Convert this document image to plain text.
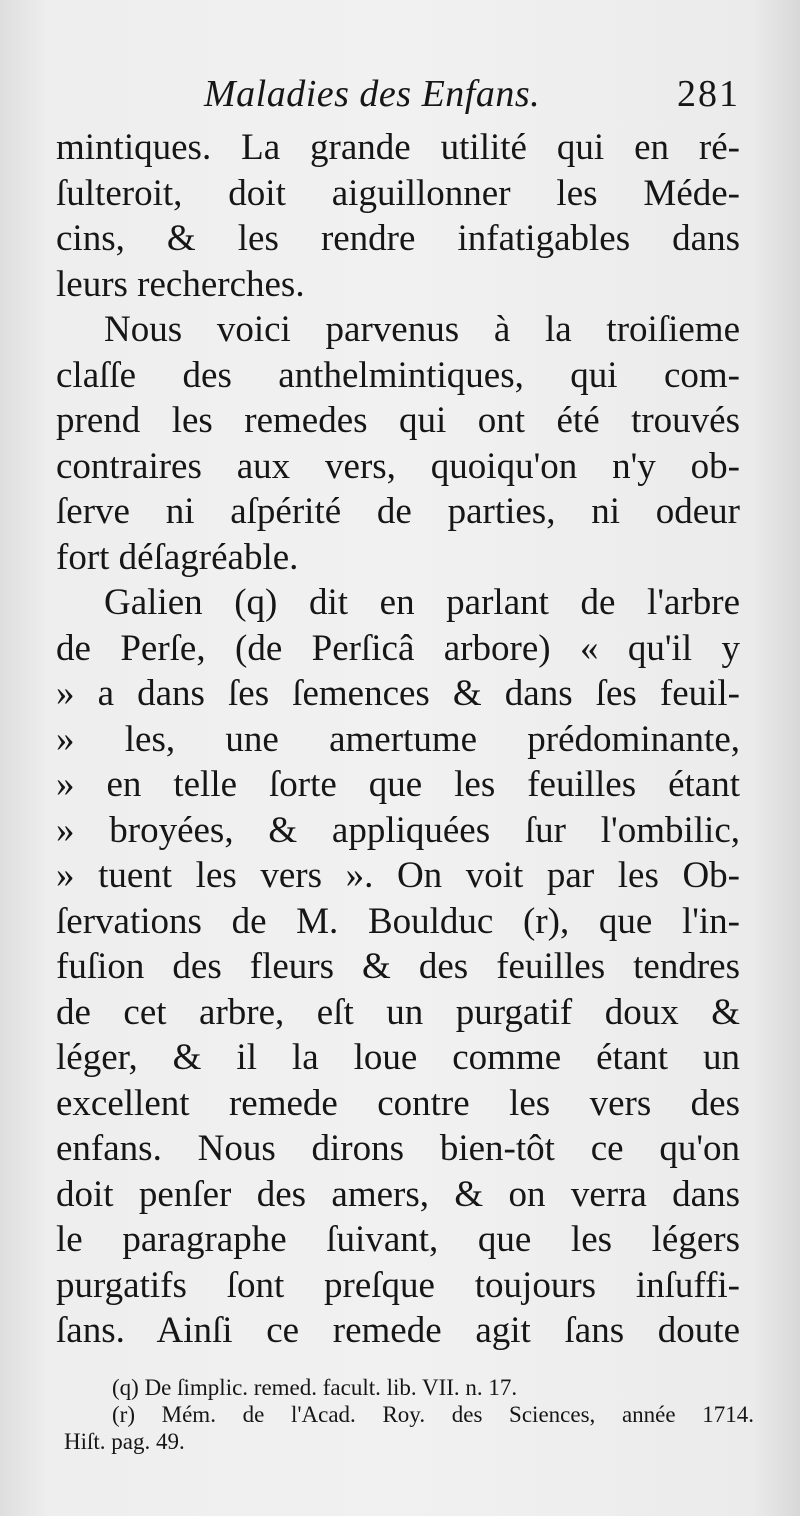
Maladies des Enfans.	281
mintiques. La grande utilité qui en ré-
ſulteroit, doit aiguillonner les Méde-
cins, & les rendre infatigables dans
leurs recherches.
Nous voici parvenus à la troiſieme
claſſe des anthelmintiques, qui com-
prend les remedes qui ont été trouvés
contraires aux vers, quoiqu'on n'y ob-
ſerve ni aſpérité de parties, ni odeur
fort déſagréable.
Galien (q) dit en parlant de l'arbre
de Perſe, (de Perſicâ arbore) « qu'il y
» a dans ſes ſemences & dans ſes feuil-
» les, une amertume prédominante,
» en telle ſorte que les feuilles étant
» broyées, & appliquées ſur l'ombilic,
» tuent les vers ». On voit par les Ob-
ſervations de M. Boulduc (r), que l'in-
fuſion des fleurs & des feuilles tendres
de cet arbre, eſt un purgatif doux &
léger, & il la loue comme étant un
excellent remede contre les vers des
enfans. Nous dirons bien-tôt ce qu'on
doit penſer des amers, & on verra dans
le paragraphe ſuivant, que les légers
purgatifs ſont preſque toujours inſuffi-
ſans. Ainſi ce remede agit ſans doute
(q) De ſimplic. remed. facult. lib. VII. n. 17.
(r) Mém. de l'Acad. Roy. des Sciences, année 1714.
Hiſt. pag. 49.
